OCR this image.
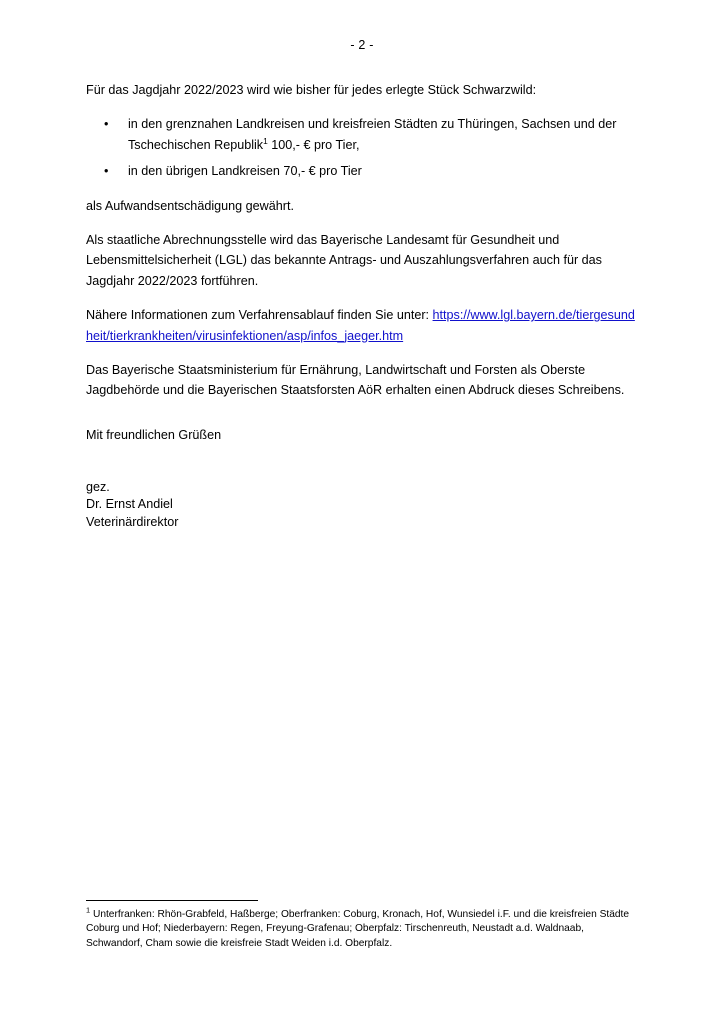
- 2 -

Für das Jagdjahr 2022/2023 wird wie bisher für jedes erlegte Stück Schwarzwild:

• in den grenznahen Landkreisen und kreisfreien Städten zu Thüringen, Sachsen und der Tschechischen Republik$^1$ 100,- € pro Tier,
• in den übrigen Landkreisen 70,- € pro Tier

als Aufwandsentschädigung gewährt.

Als staatliche Abrechnungsstelle wird das Bayerische Landesamt für Gesundheit und Lebensmittelsicherheit (LGL) das bekannte Antrags- und Auszahlungsverfahren auch für das Jagdjahr 2022/2023 fortführen.

Nähere Informationen zum Verfahrensablauf finden Sie unter: https://www.lgl.bayern.de/tiergesundheit/tierkrankheiten/virusinfektionen/asp/infos_jaeger.htm

Das Bayerische Staatsministerium für Ernährung, Landwirtschaft und Forsten als Oberste Jagdbehörde und die Bayerischen Staatsforsten AöR erhalten einen Abdruck dieses Schreibens.

Mit freundlichen Grüßen

gez.
Dr. Ernst Andiel
Veterinärdirektor
$^1$ Unterfranken: Rhön-Grabfeld, Haßberge; Oberfranken: Coburg, Kronach, Hof, Wunsiedel i.F. und die kreisfreien Städte Coburg und Hof; Niederbayern: Regen, Freyung-Grafenau; Oberpfalz: Tirschenreuth, Neustadt a.d. Waldnaab, Schwandorf, Cham sowie die kreisfreie Stadt Weiden i.d. Oberpfalz.
